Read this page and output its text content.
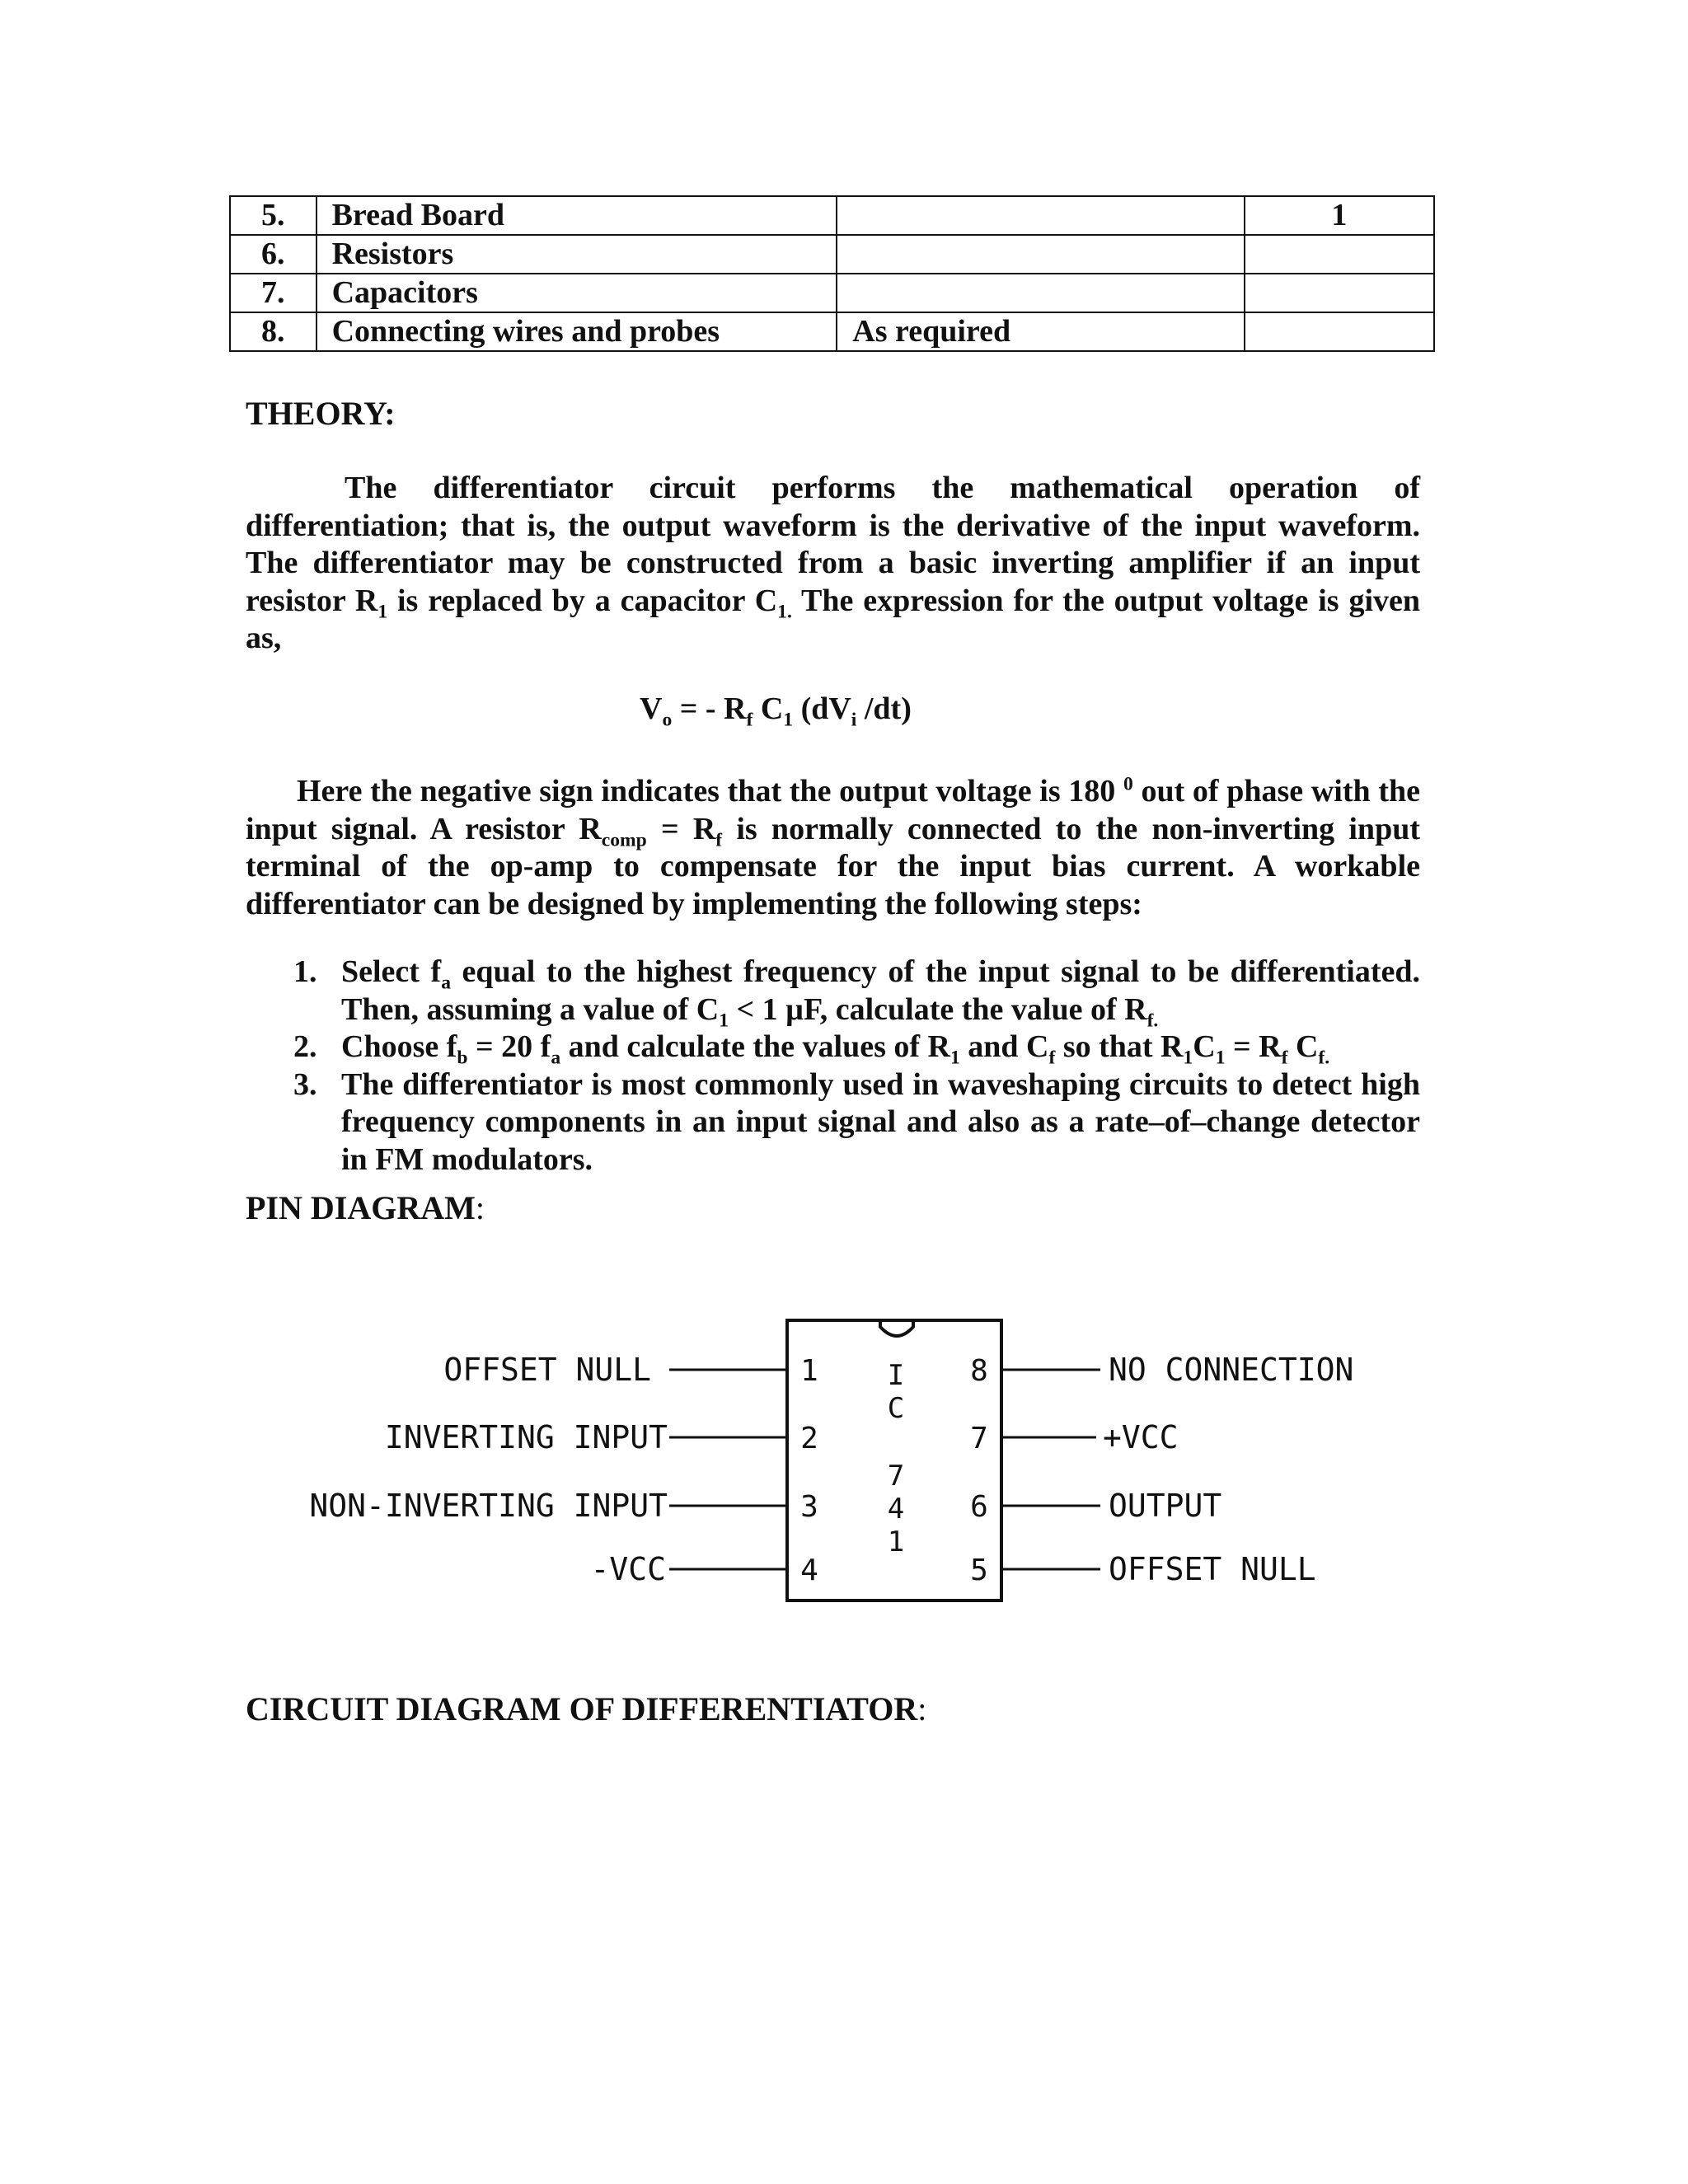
5.	Bread Board		1
6.	Resistors		
7.	Capacitors		
8.	Connecting wires and probes	As required	
THEORY:

The differentiator circuit performs the mathematical operation of differentiation; that is, the output waveform is the derivative of the input waveform. The differentiator may be constructed from a basic inverting amplifier if an input resistor $R_1$ is replaced by a capacitor $C_{1.}$ The expression for the output voltage is given as,

$V_o$ = - $R_f$ $C_1$ ($dV_i$ /dt)

Here the negative sign indicates that the output voltage is 180 $^0$ out of phase with the input signal. A resistor $R_{comp} = R_f$ is normally connected to the non-inverting input terminal of the op-amp to compensate for the input bias current. A workable differentiator can be designed by implementing the following steps:

1. Select $f_a$ equal to the highest frequency of the input signal to be differentiated. Then, assuming a value of $C_1 < 1$ µF, calculate the value of $R_{f.}$
2. Choose $f_b = 20$ $f_a$ and calculate the values of $R_1$ and $C_f$ so that $R_1C_1 = R_f$ $C_{f.}$
3. The differentiator is most commonly used in waveshaping circuits to detect high frequency components in an input signal and also as a rate–of–change detector in FM modulators.
PIN DIAGRAM:
OFFSET NULL
INVERTING INPUT
NON-INVERTING INPUT
-VCC
NO CONNECTION
+VCC
OUTPUT
OFFSET NULL
1
2
3
4
8
7
6
5
I
C
7
4
1
CIRCUIT DIAGRAM OF DIFFERENTIATOR:
